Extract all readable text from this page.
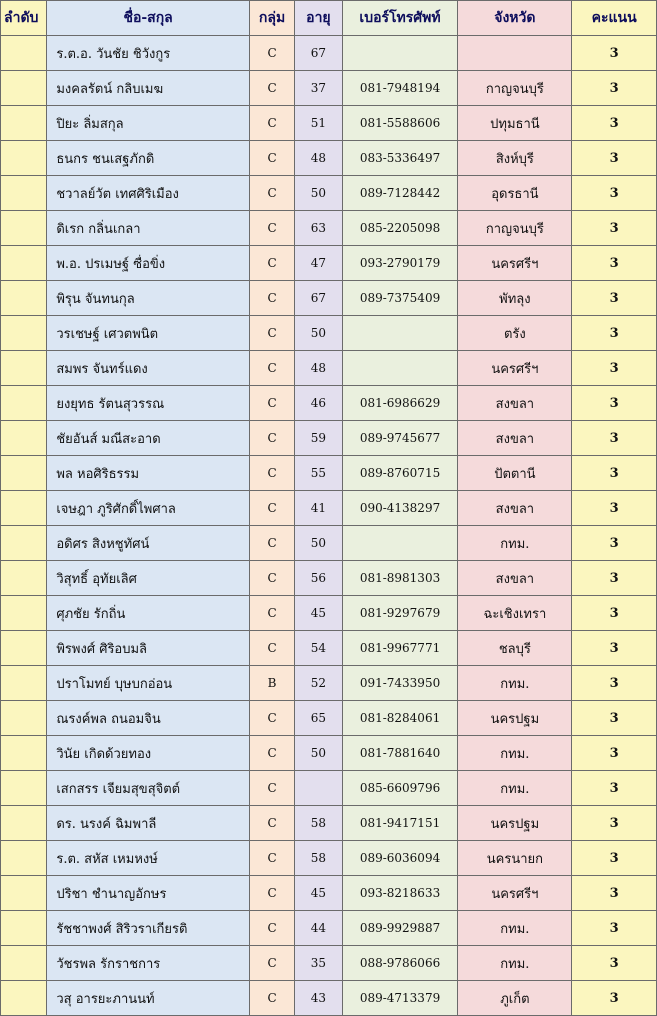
ลำดับ	ชื่อ-สกุล	กลุ่ม	อายุ	เบอร์โทรศัพท์	จังหวัด	คะแนน
	ร.ต.อ. วันชัย ชิวังกูร	C	67			3
	มงคลรัตน์ กลิบเมฆ	C	37	081-7948194	กาญจนบุรี	3
	ปิยะ ลิ่มสกุล	C	51	081-5588606	ปทุมธานี	3
	ธนกร ชนเสฐภักดิ	C	48	083-5336497	สิงห์บุรี	3
	ชวาลย์วัต เทศศิริเมือง	C	50	089-7128442	อุดรธานี	3
	ดิเรก กลิ่นเกลา	C	63	085-2205098	กาญจนบุรี	3
	พ.อ. ปรเมษฐ์ ซื่อขิ่ง	C	47	093-2790179	นครศรีฯ	3
	พิรุน จันทนกุล	C	67	089-7375409	พัทลุง	3
	วรเชษฐ์ เศวตพนิต	C	50		ตรัง	3
	สมพร จันทร์แดง	C	48		นครศรีฯ	3
	ยงยุทธ รัตนสุวรรณ	C	46	081-6986629	สงขลา	3
	ชัยอันส์ มณีสะอาด	C	59	089-9745677	สงขลา	3
	พล หอศิริธรรม	C	55	089-8760715	ปัตตานี	3
	เจษฎา ภูริศักดิ์ไพศาล	C	41	090-4138297	สงขลา	3
	อดิศร สิงหชูทัศน์	C	50		กทม.	3
	วิสุทธิ์ อุทัยเลิศ	C	56	081-8981303	สงขลา	3
	ศุภชัย รักถิ่น	C	45	081-9297679	ฉะเชิงเทรา	3
	พิรพงศ์ ศิริอบมลิ	C	54	081-9967771	ชลบุรี	3
	ปราโมทย์ บุษบกอ่อน	B	52	091-7433950	กทม.	3
	ณรงค์พล ถนอมจิน	C	65	081-8284061	นครปฐม	3
	วินัย เกิดด้วยทอง	C	50	081-7881640	กทม.	3
	เสกสรร เจียมสุขสุจิตต์	C		085-6609796	กทม.	3
	ดร. นรงค์ ฉิมพาลี	C	58	081-9417151	นครปฐม	3
	ร.ต. สหัส เหมหงษ์	C	58	089-6036094	นครนายก	3
	ปริชา ชำนาญอักษร	C	45	093-8218633	นครศรีฯ	3
	รัชชาพงศ์ สิริวราเกียรติ	C	44	089-9929887	กทม.	3
	วัชรพล รักราชการ	C	35	088-9786066	กทม.	3
	วสุ อารยะภานนท์	C	43	089-4713379	ภูเก็ต	3
